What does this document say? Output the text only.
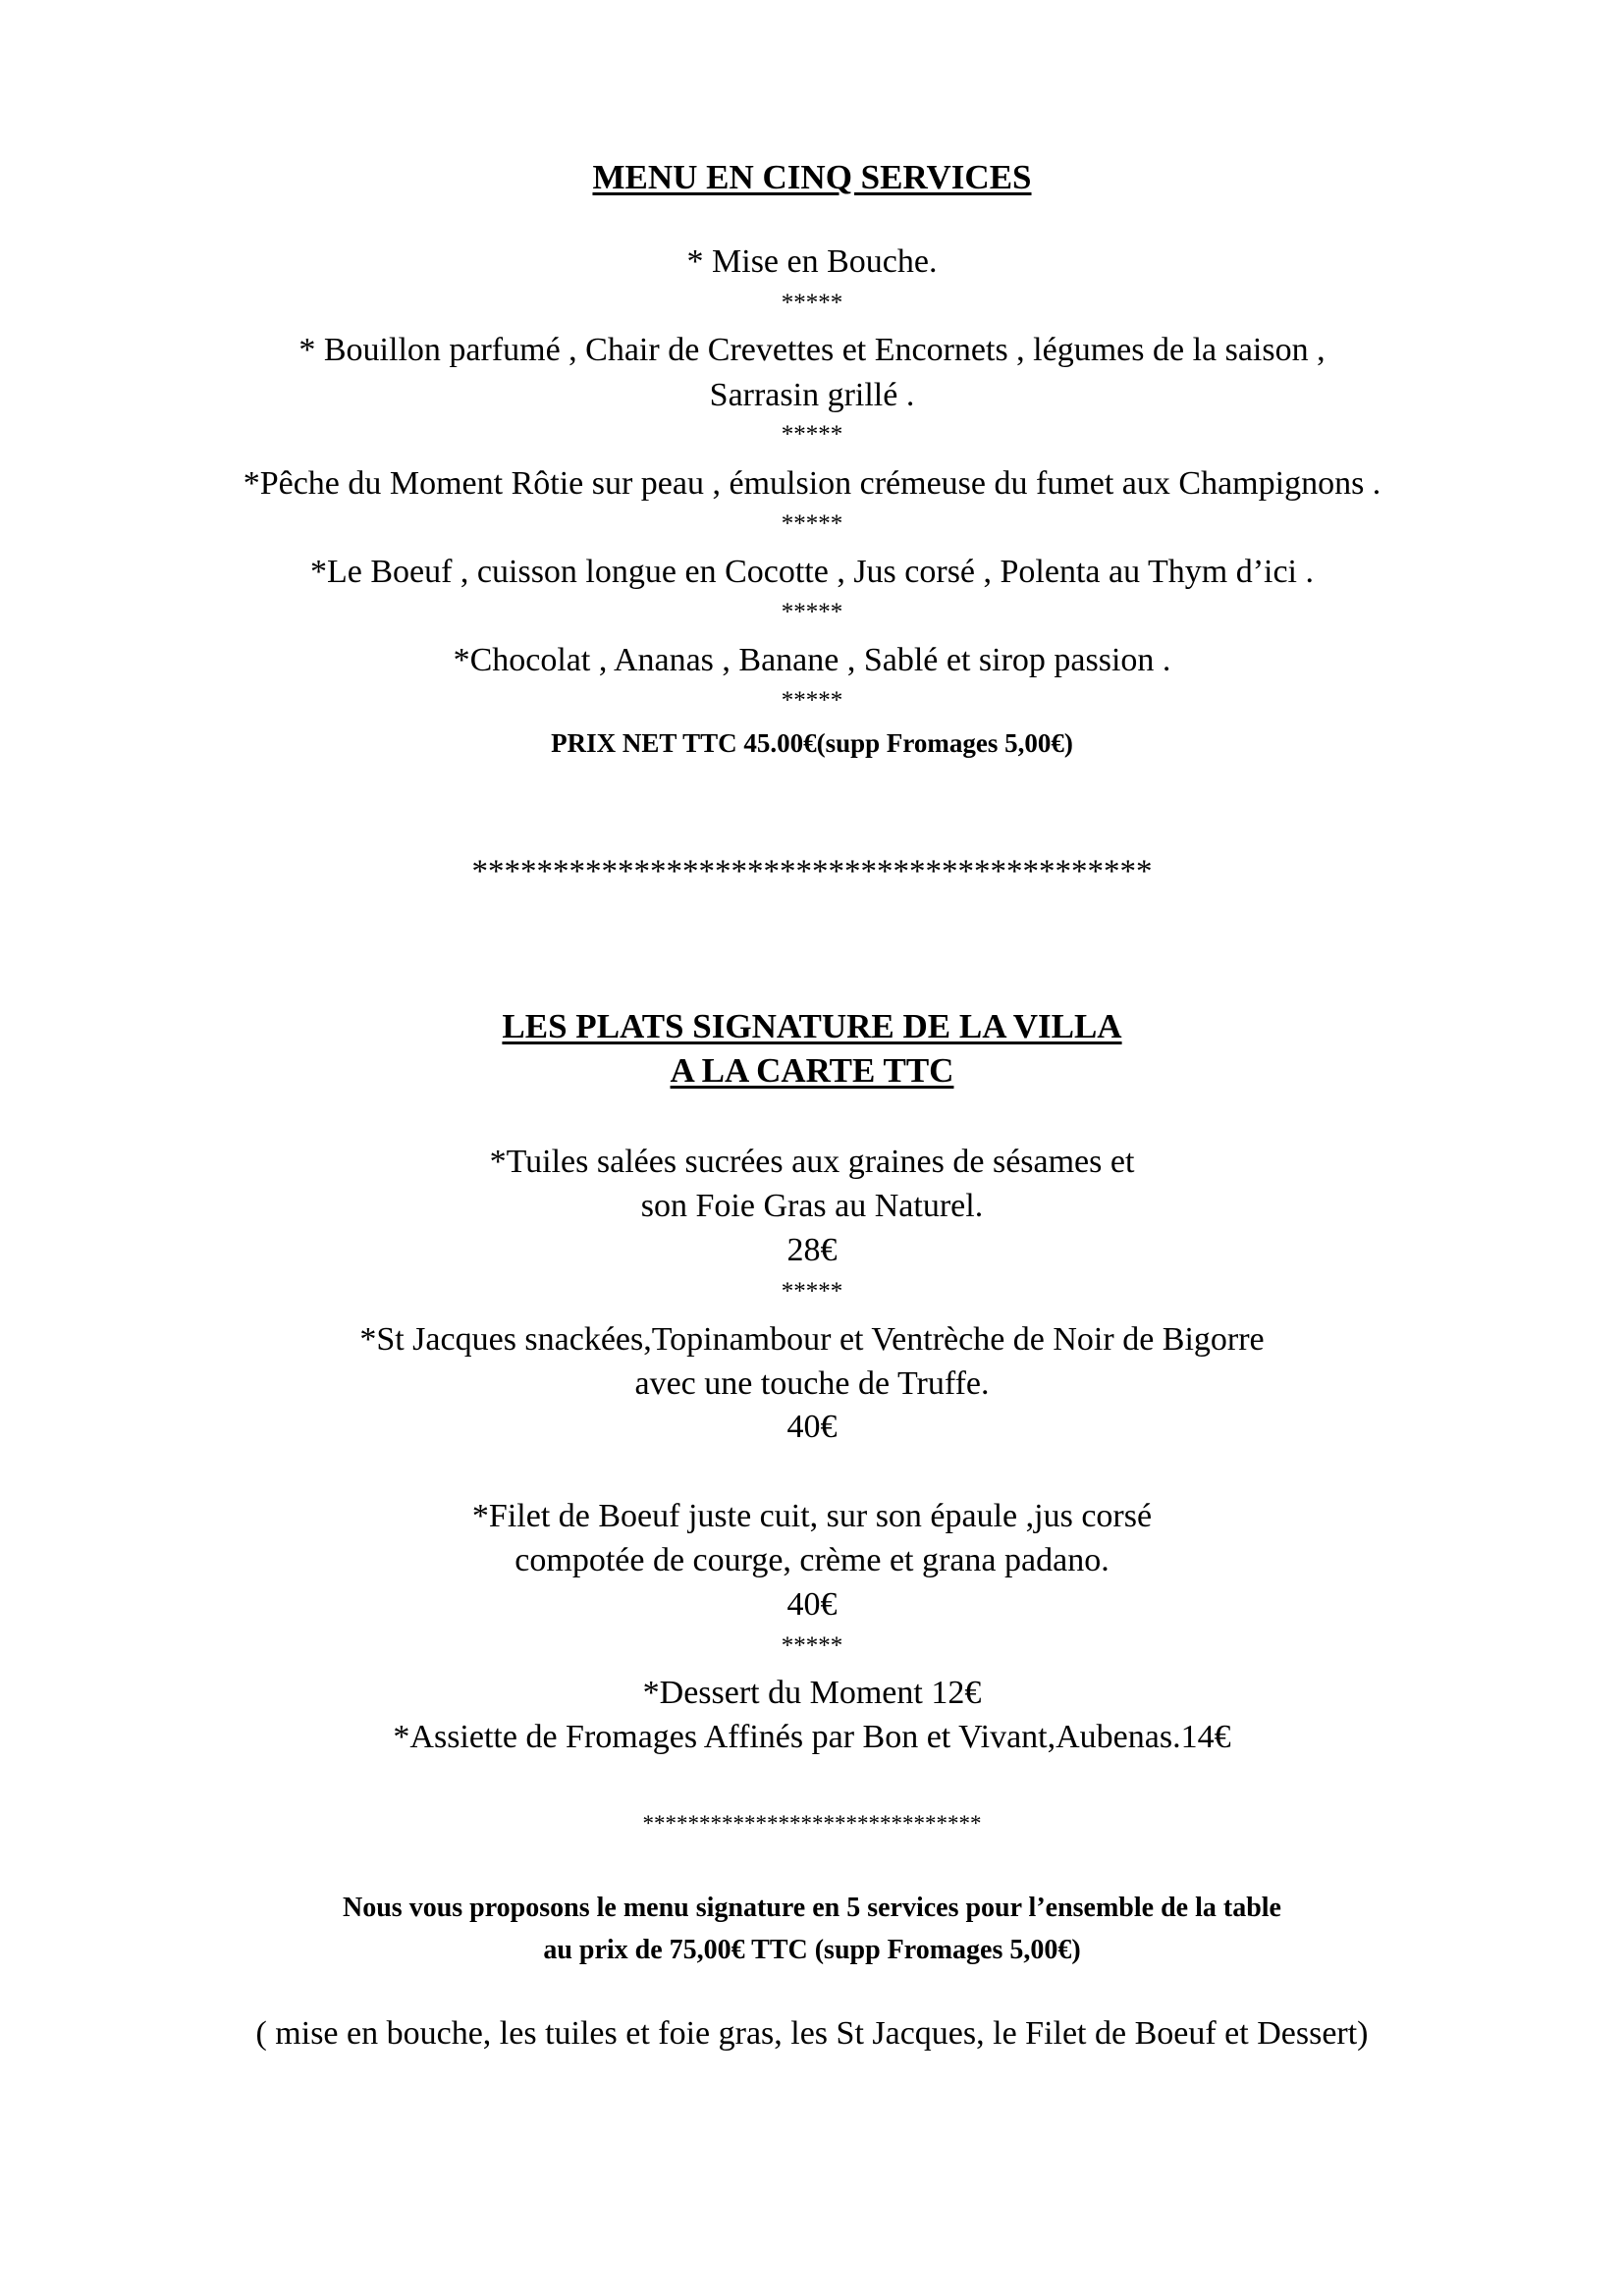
MENU EN CINQ SERVICES
* Mise en Bouche.
*****
* Bouillon parfumé , Chair de Crevettes et Encornets , légumes de la saison ,
Sarrasin grillé .
*****
*Pêche du Moment Rôtie sur peau , émulsion crémeuse du fumet aux Champignons .
*****
*Le Boeuf , cuisson longue en Cocotte , Jus corsé , Polenta au Thym d’ici .
*****
*Chocolat , Ananas , Banane , Sablé et sirop passion .
*****
PRIX NET TTC 45.00€(supp Fromages 5,00€)
******************************************
LES PLATS SIGNATURE DE LA VILLA
A LA CARTE TTC
*Tuiles salées sucrées aux graines de sésames et
son Foie Gras au Naturel.
28€
*****
*St Jacques snackées,Topinambour et Ventrèche de Noir de Bigorre
avec une touche de Truffe.
40€
*Filet de Boeuf juste cuit, sur son épaule ,jus corsé
compotée de courge, crème et grana padano.
40€
*****
*Dessert du Moment 12€
*Assiette de Fromages Affinés par Bon et Vivant,Aubenas.14€
******************************
Nous vous proposons le menu signature en 5 services pour l’ensemble de la table
au prix de 75,00€ TTC (supp Fromages 5,00€)
( mise en bouche, les tuiles et foie gras, les St Jacques, le Filet de Boeuf et Dessert)
